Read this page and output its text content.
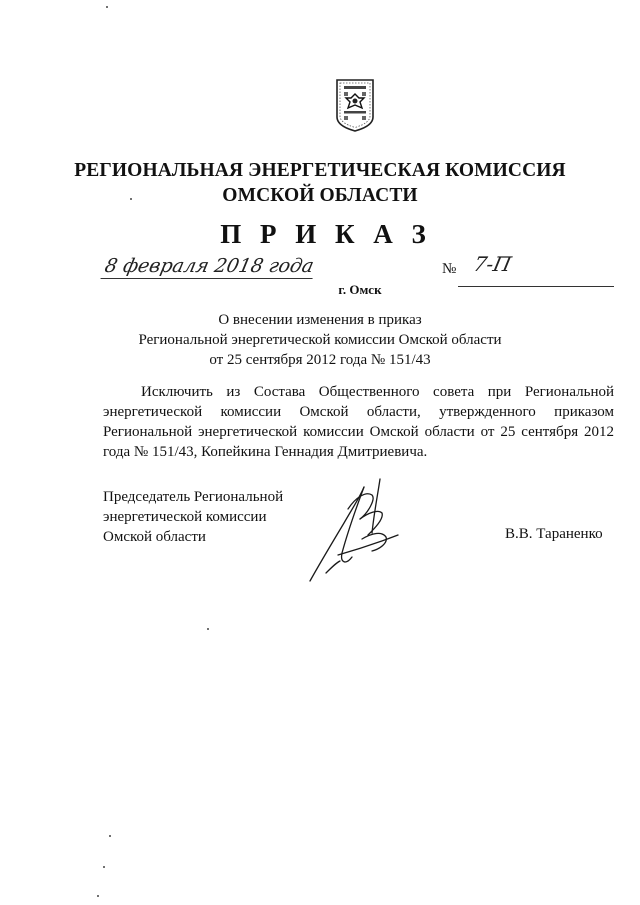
РЕГИОНАЛЬНАЯ ЭНЕРГЕТИЧЕСКАЯ КОМИССИЯ
ОМСКОЙ ОБЛАСТИ
П Р И К А З
8 февраля 2018 года	№ 7-П
г. Омск
О внесении изменения в приказ
Региональной энергетической комиссии Омской области
от 25 сентября 2012 года № 151/43
Исключить из Состава Общественного совета при Региональной
энергетической комиссии Омской области, утвержденного приказом
Региональной энергетической комиссии Омской области от 25 сентября 2012
года № 151/43, Копейкина Геннадия Дмитриевича.
Председатель Региональной
энергетической комиссии
Омской области	В.В. Тараненко
